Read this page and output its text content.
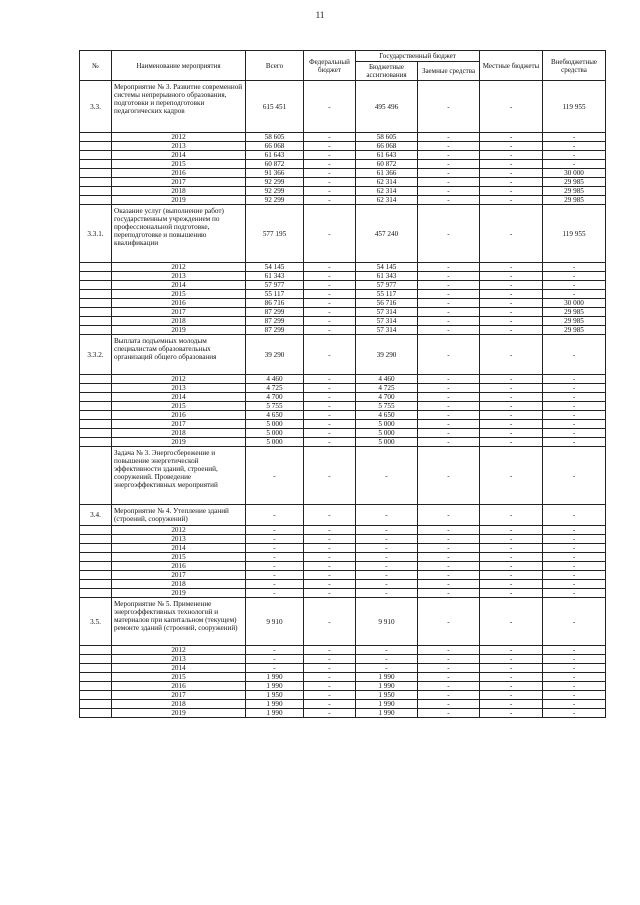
11
№	Наименование мероприятия	Всего	Федеральный бюджет	Государственный бюджет		Местные бюджеты	Внебюджетные средства
				Бюджетные ассигнования	Заемные средства		
3.3.	Мероприятие № 3. Развитие современной системы непрерывного образования, подготовки и переподготовки педагогических кадров	615 451	-	495 496	-	-	119 955
	2012	58 605	-	58 605	-	-	-
	2013	66 068	-	66 068	-	-	-
	2014	61 643	-	61 643	-	-	-
	2015	60 872	-	60 872	-	-	-
	2016	91 366	-	61 366	-	-	30 000
	2017	92 299	-	62 314	-	-	29 985
	2018	92 299	-	62 314	-	-	29 985
	2019	92 299	-	62 314	-	-	29 985
3.3.1.	Оказание услуг (выполнение работ) государственным учреждением по профессиональной подготовке, переподготовке и повышению квалификации	577 195	-	457 240	-	-	119 955
	2012	54 145	-	54 145	-	-	-
	2013	61 343	-	61 343	-	-	-
	2014	57 977	-	57 977	-	-	-
	2015	55 117	-	55 117	-	-	-
	2016	86 716	-	56 716	-	-	30 000
	2017	87 299	-	57 314	-	-	29 985
	2018	87 299	-	57 314	-	-	29 985
	2019	87 299	-	57 314	-	-	29 985
3.3.2.	Выплата подъемных молодым специалистам образовательных организаций общего образования	39 290	-	39 290	-	-	-
	2012	4 460	-	4 460	-	-	-
	2013	4 725	-	4 725	-	-	-
	2014	4 700	-	4 700	-	-	-
	2015	5 755	-	5 755	-	-	-
	2016	4 650	-	4 650	-	-	-
	2017	5 000	-	5 000	-	-	-
	2018	5 000	-	5 000	-	-	-
	2019	5 000	-	5 000	-	-	-
	Задача № 3. Энергосбережение и повышение энергетической эффективности зданий, строений, сооружений. Проведение энергоэффективных мероприятий	-	-	-	-	-	-
3.4.	Мероприятие № 4. Утепление зданий (строений, сооружений)	-	-	-	-	-	-
	2012	-	-	-	-	-	-
	2013	-	-	-	-	-	-
	2014	-	-	-	-	-	-
	2015	-	-	-	-	-	-
	2016	-	-	-	-	-	-
	2017	-	-	-	-	-	-
	2018	-	-	-	-	-	-
	2019	-	-	-	-	-	-
3.5.	Мероприятие № 5. Применение энергоэффективных технологий и материалов при капитальном (текущем) ремонте зданий (строений, сооружений)	9 910	-	9 910	-	-	-
	2012	-	-	-	-	-	-
	2013	-	-	-	-	-	-
	2014	-	-	-	-	-	-
	2015	1 990	-	1 990	-	-	-
	2016	1 990	-	1 990	-	-	-
	2017	1 950	-	1 950	-	-	-
	2018	1 990	-	1 990	-	-	-
	2019	1 990	-	1 990	-	-	-
